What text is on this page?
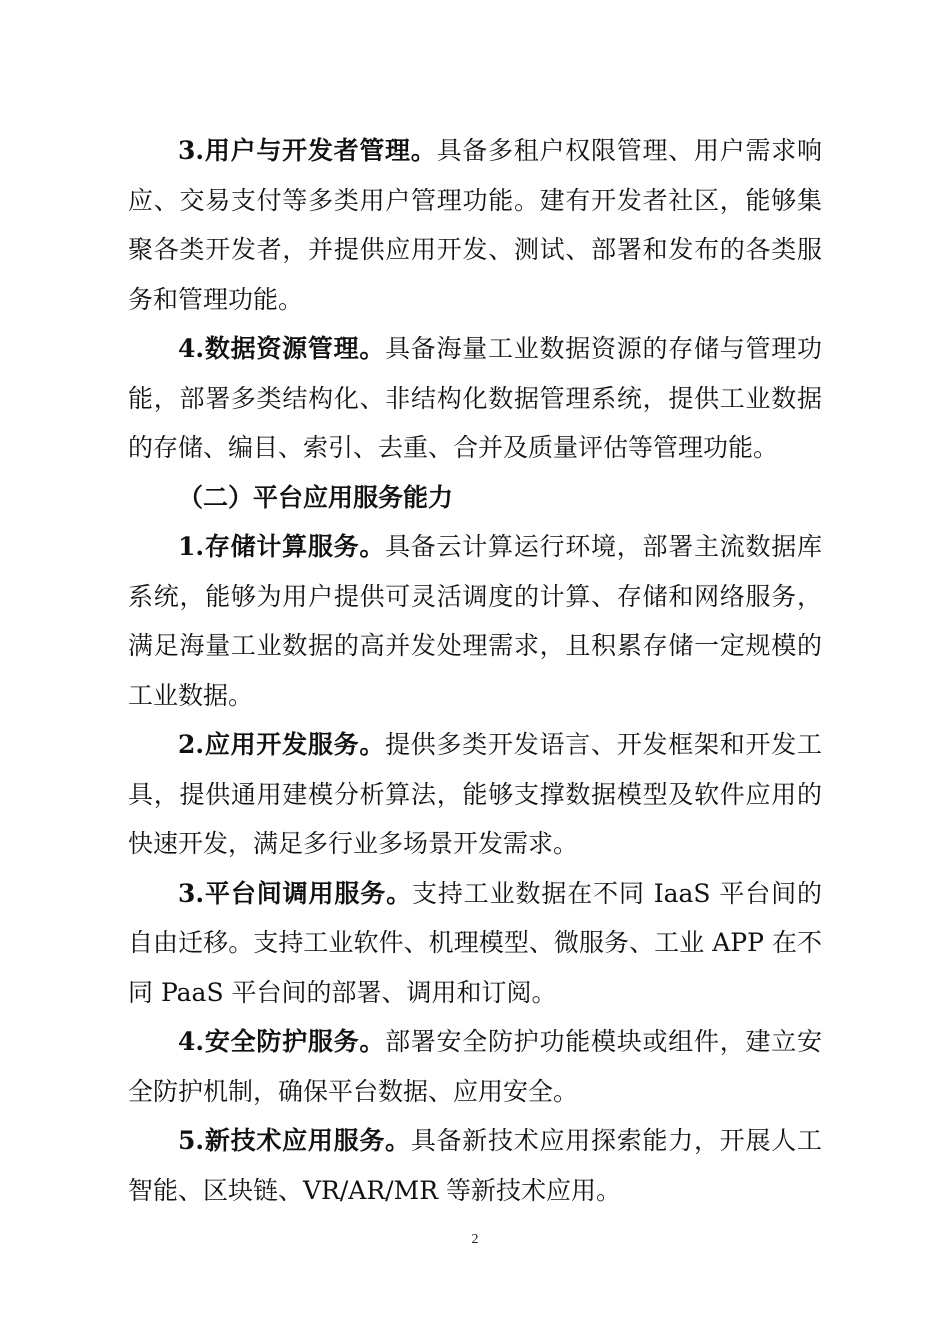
3.用户与开发者管理。具备多租户权限管理、用户需求响应、交易支付等多类用户管理功能。建有开发者社区，能够集聚各类开发者，并提供应用开发、测试、部署和发布的各类服务和管理功能。

4.数据资源管理。具备海量工业数据资源的存储与管理功能，部署多类结构化、非结构化数据管理系统，提供工业数据的存储、编目、索引、去重、合并及质量评估等管理功能。

（二）平台应用服务能力

1.存储计算服务。具备云计算运行环境，部署主流数据库系统，能够为用户提供可灵活调度的计算、存储和网络服务，满足海量工业数据的高并发处理需求，且积累存储一定规模的工业数据。

2.应用开发服务。提供多类开发语言、开发框架和开发工具，提供通用建模分析算法，能够支撑数据模型及软件应用的快速开发，满足多行业多场景开发需求。

3.平台间调用服务。支持工业数据在不同 IaaS 平台间的自由迁移。支持工业软件、机理模型、微服务、工业 APP 在不同 PaaS 平台间的部署、调用和订阅。

4.安全防护服务。部署安全防护功能模块或组件，建立安全防护机制，确保平台数据、应用安全。

5.新技术应用服务。具备新技术应用探索能力，开展人工智能、区块链、VR/AR/MR 等新技术应用。

2
